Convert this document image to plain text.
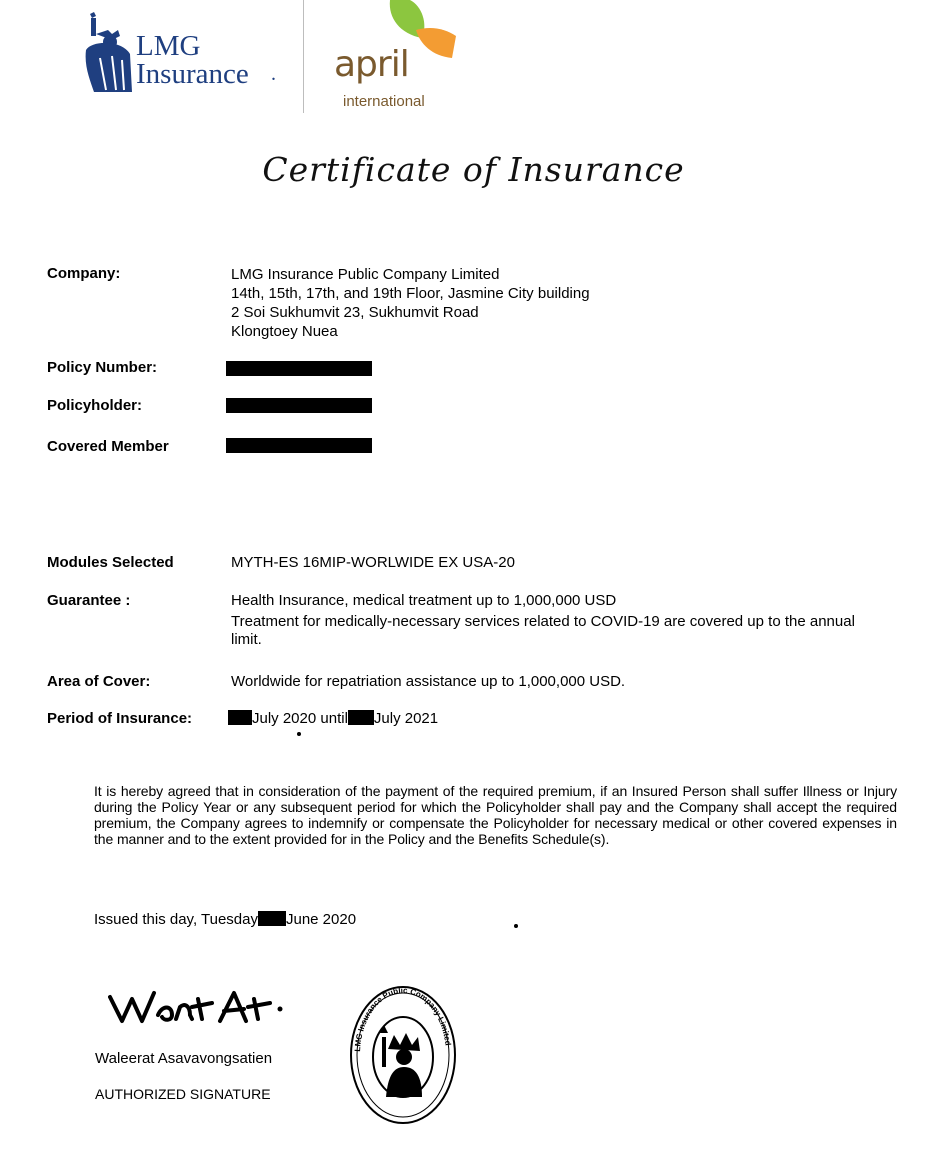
LMG
Insurance . april
international
Certificate of Insurance
Company:	LMG Insurance Public Company Limited
14th, 15th, 17th, and 19th Floor, Jasmine City building
2 Soi Sukhumvit 23, Sukhumvit Road
Klongtoey Nuea
Policy Number:
Policyholder:
Covered Member
Modules Selected	MYTH-ES 16MIP-WORLWIDE EX USA-20
Guarantee :	Health Insurance, medical treatment up to 1,000,000 USD
Treatment for medically-necessary services related to COVID-19 are covered up to the annual limit.
Area of Cover:	Worldwide for repatriation assistance up to 1,000,000 USD.
Period of Insurance:	July 2020 until July 2021
It is hereby agreed that in consideration of the payment of the required premium, if an Insured Person shall suffer Illness or Injury during the Policy Year or any subsequent period for which the Policyholder shall pay and the Company shall accept the required premium, the Company agrees to indemnify or compensate the Policyholder for necessary medical or other covered expenses in the manner and to the extent provided for in the Policy and the Benefits Schedule(s).
Issued this day, Tuesday June 2020
Waleerat Asavavongsatien
AUTHORIZED SIGNATURE
LMG Insurance Public Company Limited
